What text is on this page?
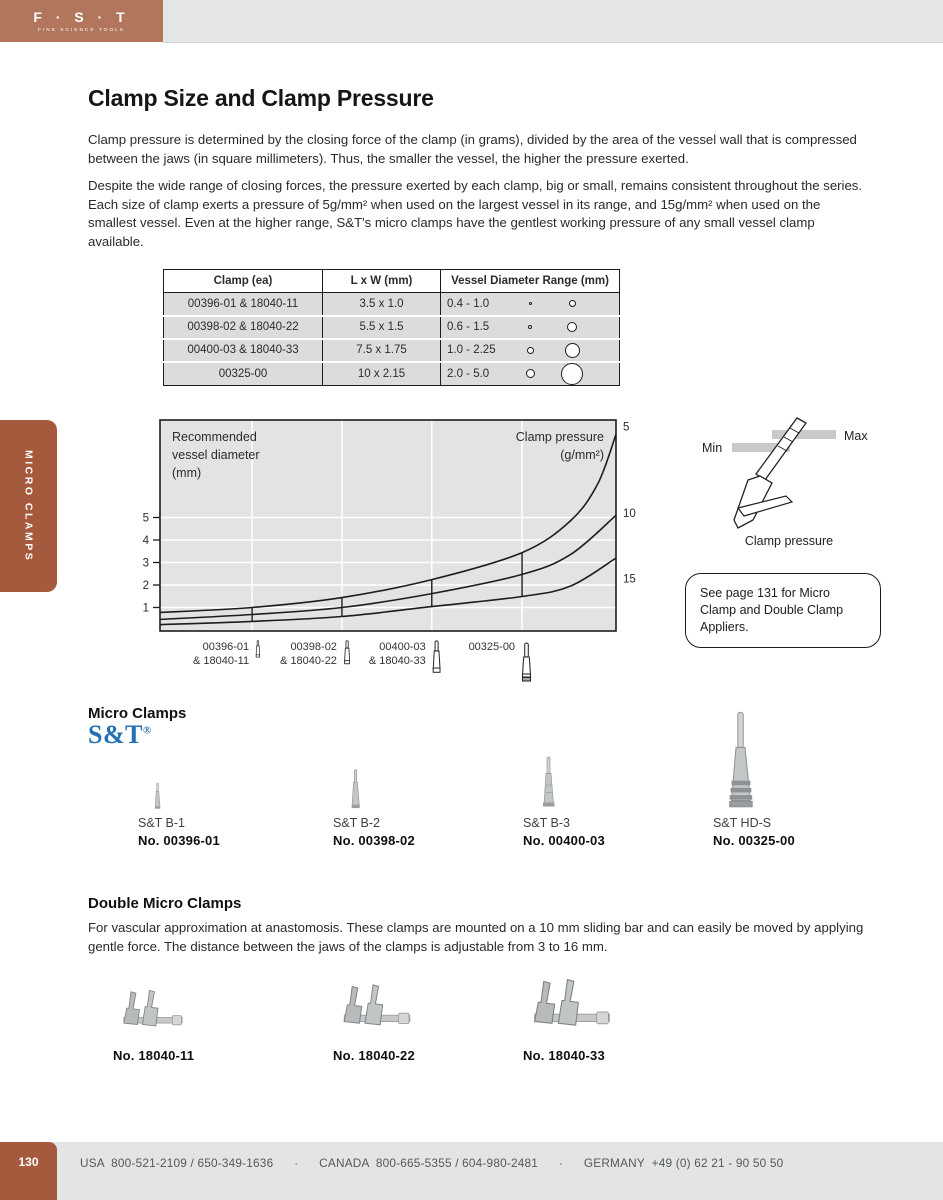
F · S · T
FINE SCIENCE TOOLS
MICRO CLAMPS
Clamp Size and Clamp Pressure
Clamp pressure is determined by the closing force of the clamp (in grams), divided by the area of the vessel wall that is compressed between the jaws (in square millimeters). Thus, the smaller the vessel, the higher the pressure exerted.
Despite the wide range of closing forces, the pressure exerted by each clamp, big or small, remains consistent throughout the series. Each size of clamp exerts a pressure of 5g/mm² when used on the largest vessel in its range, and 15g/mm² when used on the smallest vessel. Even at the higher range, S&T's micro clamps have the gentlest working pressure of any small vessel clamp available.
Clamp (ea)	L x W (mm)	Vessel Diameter Range (mm)
00396-01 & 18040-11	3.5 x 1.0	0.4 - 1.0

00398-02 & 18040-22	5.5 x 1.5	0.6 - 1.5

00400-03 & 18040-33	7.5 x 1.75	1.0 - 2.25

00325-00	10 x 2.15	2.0 - 5.0
5
4
3
2
1
5
10
15
Recommended
vessel diameter
(mm)
Clamp pressure
(g/mm²)
00396-01
& 18040-11
00398-02
& 18040-22
00400-03
& 18040-33
00325-00
Min
Max
Clamp pressure
See page 131 for Micro Clamp and Double Clamp Appliers.
Micro Clamps
S&T®
S&T B-1
No. 00396-01
S&T B-2
No. 00398-02
S&T B-3
No. 00400-03
S&T HD-S
No. 00325-00
Double Micro Clamps
For vascular approximation at anastomosis. These clamps are mounted on a 10 mm sliding bar and can easily be moved by applying gentle force. The distance between the jaws of the clamps is adjustable from 3 to 16 mm.
No. 18040-11	No. 18040-22	No. 18040-33
130	USA  800-521-2109 / 650-349-1636      ·      CANADA  800-665-5355 / 604-980-2481      ·      GERMANY  +49 (0) 62 21 - 90 50 50
